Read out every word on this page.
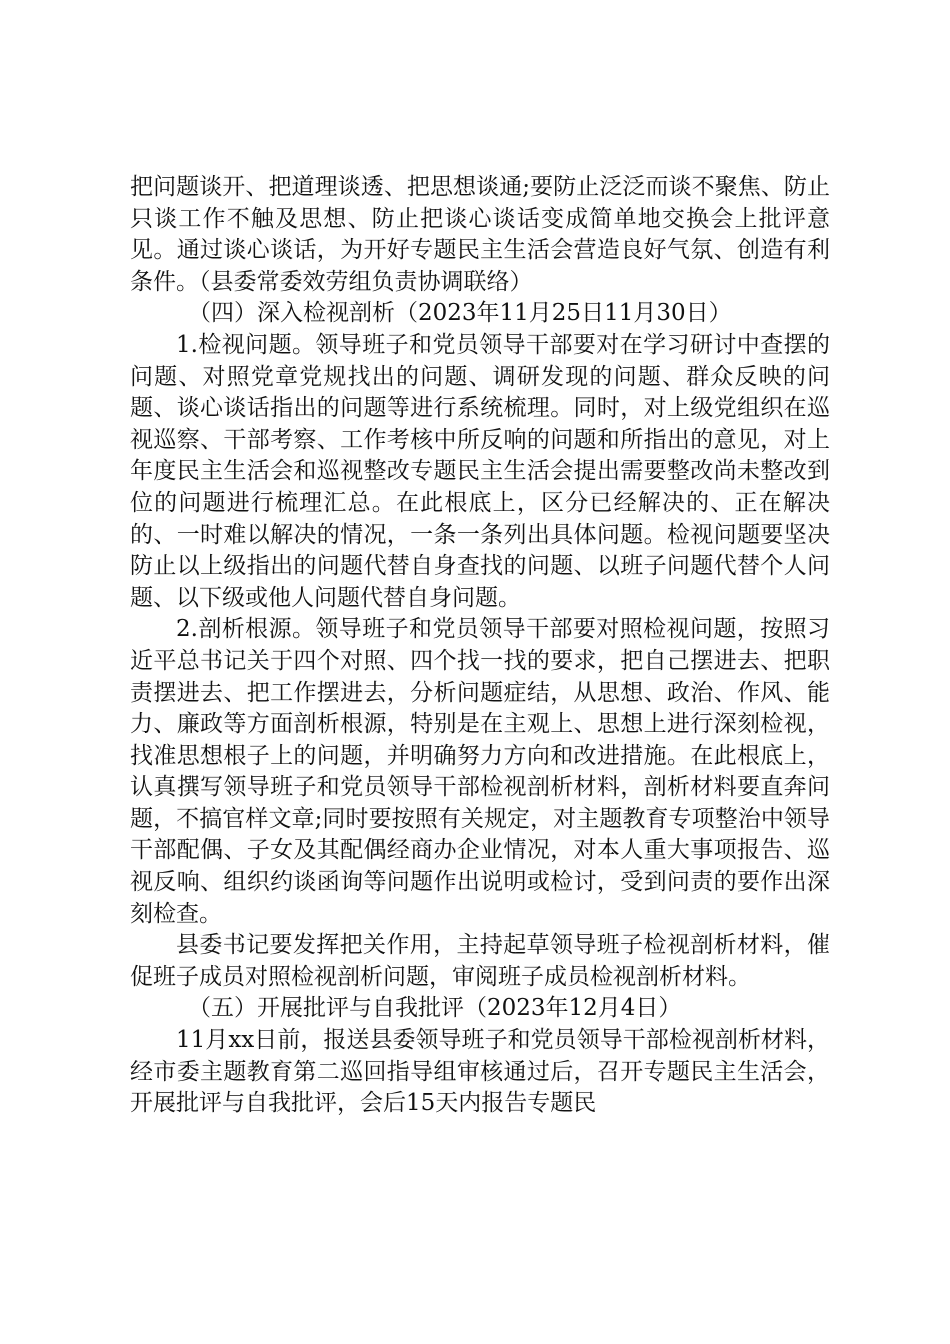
把问题谈开、把道理谈透、把思想谈通;要防止泛泛而谈不聚焦、防止只谈工作不触及思想、防止把谈心谈话变成简单地交换会上批评意见。通过谈心谈话，为开好专题民主生活会营造良好气氛、创造有利条件。（县委常委效劳组负责协调联络）

（四）深入检视剖析（2023年11月25日11月30日）

1.检视问题。领导班子和党员领导干部要对在学习研讨中查摆的问题、对照党章党规找出的问题、调研发现的问题、群众反映的问题、谈心谈话指出的问题等进行系统梳理。同时，对上级党组织在巡视巡察、干部考察、工作考核中所反响的问题和所指出的意见，对上年度民主生活会和巡视整改专题民主生活会提出需要整改尚未整改到位的问题进行梳理汇总。在此根底上，区分已经解决的、正在解决的、一时难以解决的情况，一条一条列出具体问题。检视问题要坚决防止以上级指出的问题代替自身查找的问题、以班子问题代替个人问题、以下级或他人问题代替自身问题。

2.剖析根源。领导班子和党员领导干部要对照检视问题，按照习近平总书记关于四个对照、四个找一找的要求，把自己摆进去、把职责摆进去、把工作摆进去，分析问题症结，从思想、政治、作风、能力、廉政等方面剖析根源，特别是在主观上、思想上进行深刻检视，找准思想根子上的问题，并明确努力方向和改进措施。在此根底上，认真撰写领导班子和党员领导干部检视剖析材料，剖析材料要直奔问题，不搞官样文章;同时要按照有关规定，对主题教育专项整治中领导干部配偶、子女及其配偶经商办企业情况，对本人重大事项报告、巡视反响、组织约谈函询等问题作出说明或检讨，受到问责的要作出深刻检查。

县委书记要发挥把关作用，主持起草领导班子检视剖析材料，催促班子成员对照检视剖析问题，审阅班子成员检视剖析材料。

（五）开展批评与自我批评（2023年12月4日）

11月xx日前，报送县委领导班子和党员领导干部检视剖析材料，经市委主题教育第二巡回指导组审核通过后，召开专题民主生活会，开展批评与自我批评，会后15天内报告专题民
